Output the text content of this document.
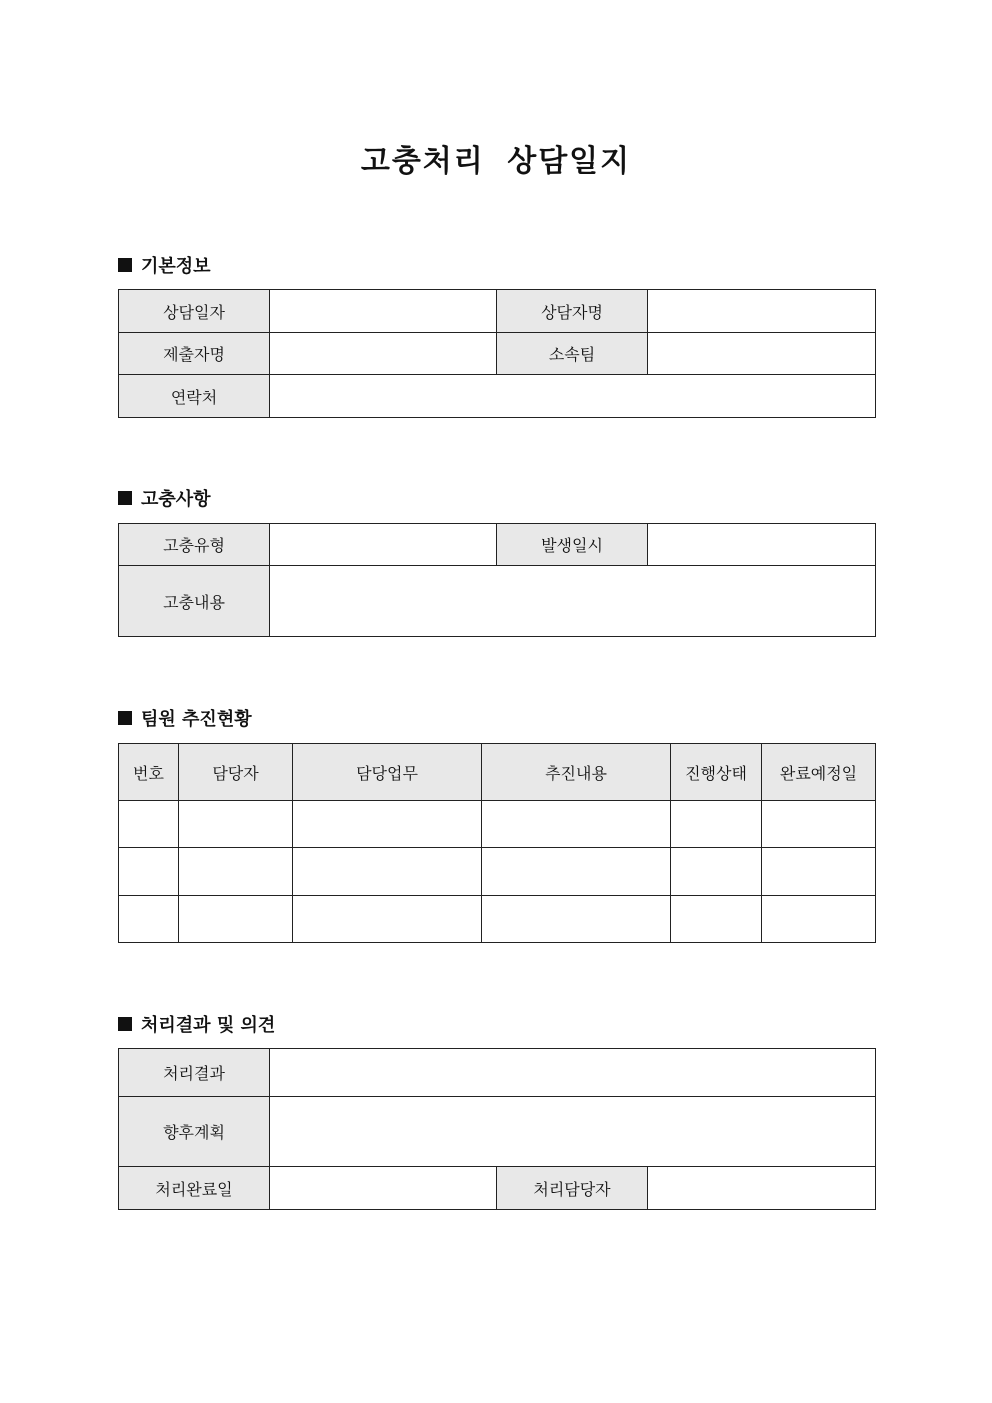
고충처리 상담일지
기본정보
상담일자		상담자명	
제출자명		소속팀	
연락처			
고충사항
고충유형		발생일시	
고충내용			
팀원 추진현황
번호	담당자	담당업무	추진내용	진행상태	완료예정일

처리결과 및 의견
처리결과			
향후계획			
처리완료일		처리담당자	
